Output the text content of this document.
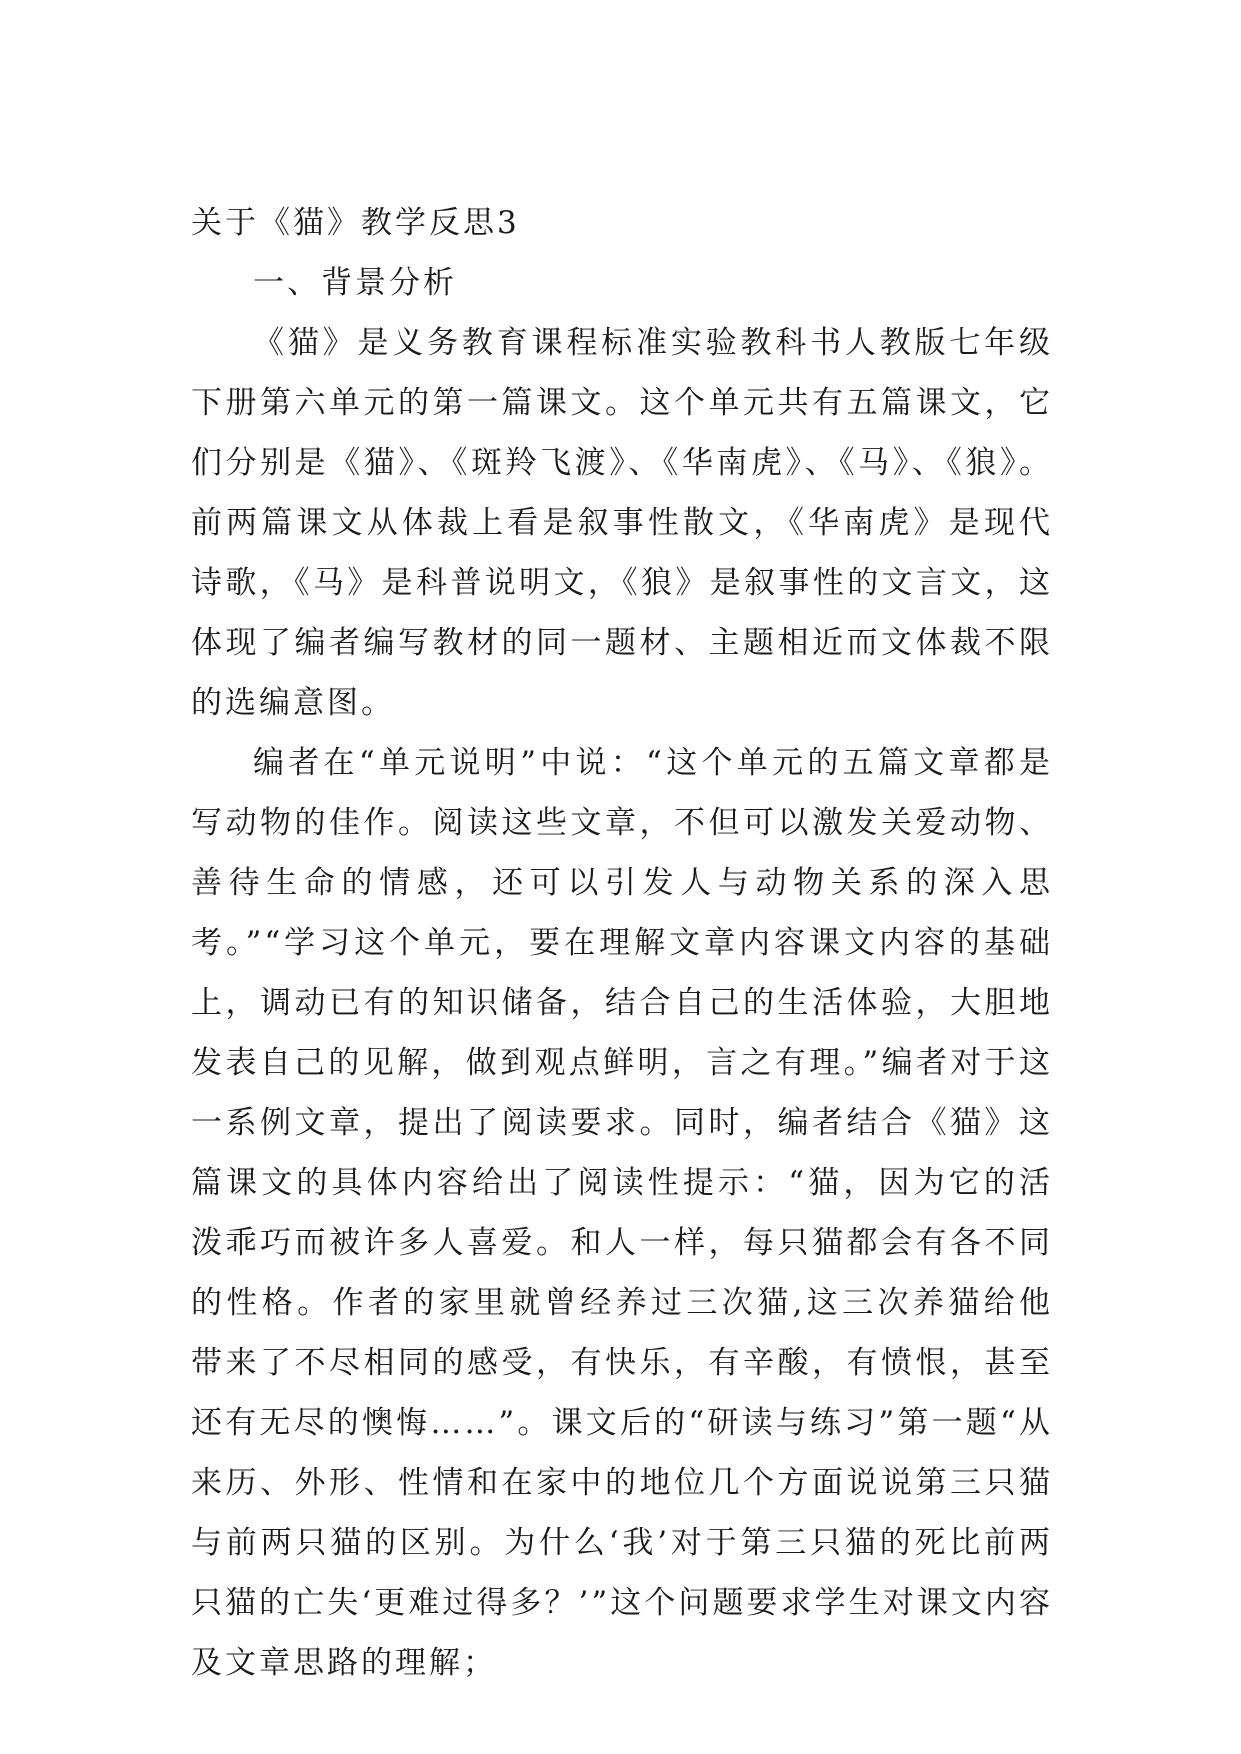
关于《猫》教学反思3
一、背景分析

《猫》是义务教育课程标准实验教科书人教版七年级下册第六单元的第一篇课文。这个单元共有五篇课文，它们分别是《猫》、《斑羚飞渡》、《华南虎》、《马》、《狼》。前两篇课文从体裁上看是叙事性散文，《华南虎》是现代诗歌，《马》是科普说明文，《狼》是叙事性的文言文，这体现了编者编写教材的同一题材、主题相近而文体裁不限的选编意图。

编者在“单元说明”中说：“这个单元的五篇文章都是写动物的佳作。阅读这些文章，不但可以激发关爱动物、善待生命的情感，还可以引发人与动物关系的深入思考。”“学习这个单元，要在理解文章内容课文内容的基础上，调动已有的知识储备，结合自己的生活体验，大胆地发表自己的见解，做到观点鲜明，言之有理。”编者对于这一系例文章，提出了阅读要求。同时，编者结合《猫》这篇课文的具体内容给出了阅读性提示：“猫，因为它的活泼乖巧而被许多人喜爱。和人一样，每只猫都会有各不同的性格。作者的家里就曾经养过三次猫,这三次养猫给他带来了不尽相同的感受，有快乐，有辛酸，有愤恨，甚至还有无尽的懊悔……”。课文后的“研读与练习”第一题“从来历、外形、性情和在家中的地位几个方面说说第三只猫与前两只猫的区别。为什么‘我’对于第三只猫的死比前两只猫的亡失‘更难过得多？’”这个问题要求学生对课文内容及文章思路的理解；
